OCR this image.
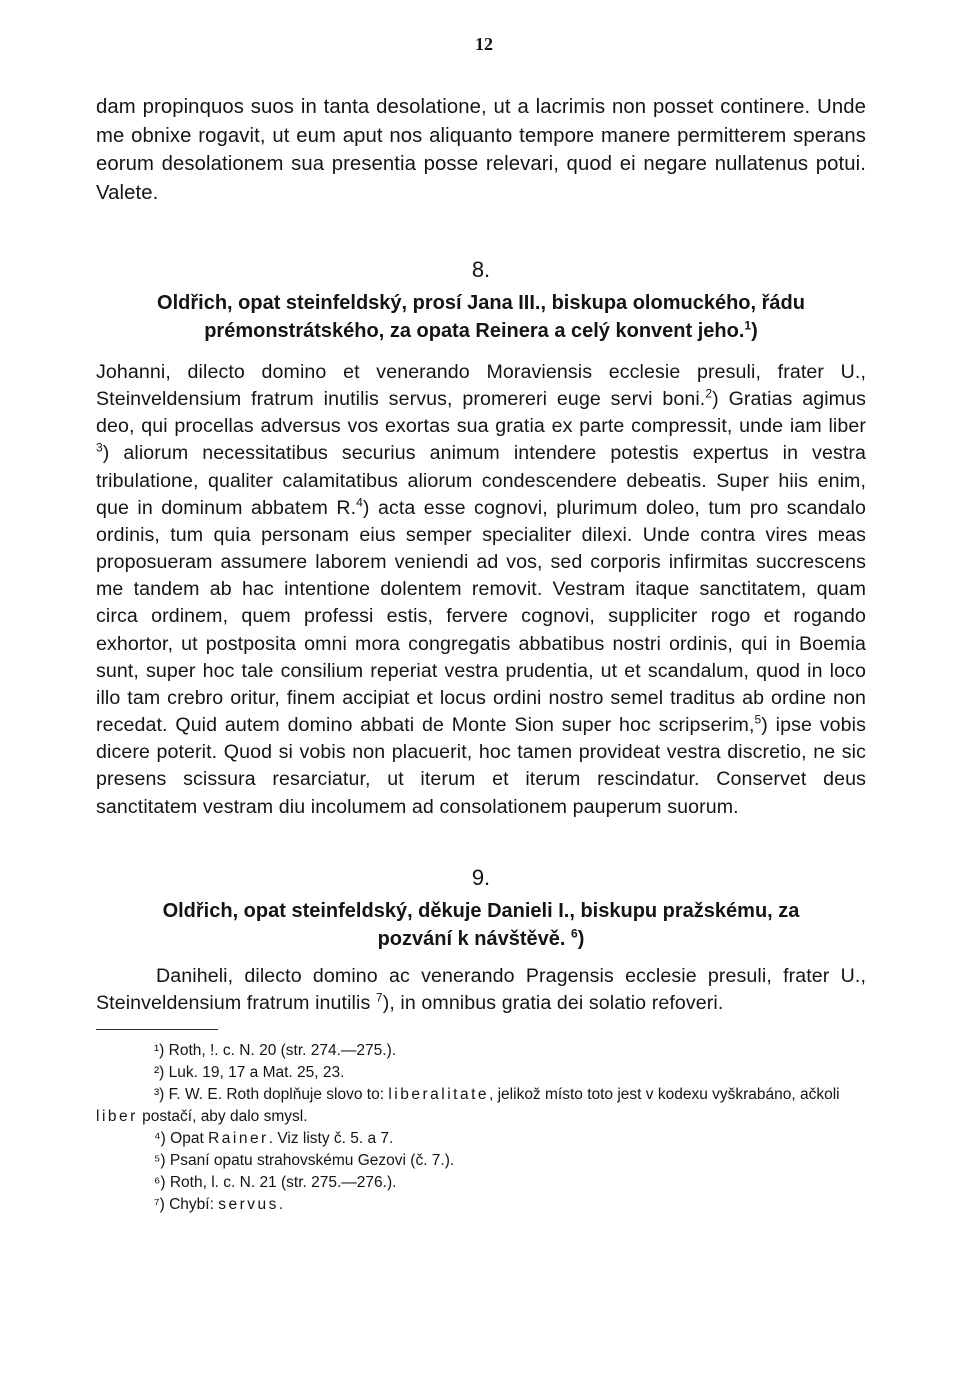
12

dam propinquos suos in tanta desolatione, ut a lacrimis non posset continere. Unde me obnixe rogavit, ut eum aput nos aliquanto tempore manere permitterem sperans eorum desolationem sua presentia posse relevari, quod ei negare nullatenus potui. Valete.

8.

Oldřich, opat steinfeldský, prosí Jana III., biskupa olomuckého, řádu
prémonstrátského, za opata Reinera a celý konvent jeho.$^1$)

Johanni, dilecto domino et venerando Moraviensis ecclesie presuli, frater U., Steinveldensium fratrum inutilis servus, promereri euge servi boni.$^2$) Gratias agimus deo, qui procellas adversus vos exortas sua gratia ex parte compressit, unde iam liber $^3$) aliorum necessitatibus securius animum intendere potestis expertus in vestra tribulatione, qualiter calamitatibus aliorum condescendere debeatis. Super hiis enim, que in dominum abbatem R.$^4$) acta esse cognovi, plurimum doleo, tum pro scandalo ordinis, tum quia personam eius semper specialiter dilexi. Unde contra vires meas proposueram assumere laborem veniendi ad vos, sed corporis infirmitas succrescens me tandem ab hac intentione dolentem removit. Vestram itaque sanctitatem, quam circa ordinem, quem professi estis, fervere cognovi, suppliciter rogo et rogando exhortor, ut postposita omni mora congregatis abbatibus nostri ordinis, qui in Boemia sunt, super hoc tale consilium reperiat vestra prudentia, ut et scandalum, quod in loco illo tam crebro oritur, finem accipiat et locus ordini nostro semel traditus ab ordine non recedat. Quid autem domino abbati de Monte Sion super hoc scripserim,$^5$) ipse vobis dicere poterit. Quod si vobis non placuerit, hoc tamen provideat vestra discretio, ne sic presens scissura resarciatur, ut iterum et iterum rescindatur. Conservet deus sanctitatem vestram diu incolumem ad consolationem pauperum suorum.

9.

Oldřich, opat steinfeldský, děkuje Danieli I., biskupu pražskému, za
pozvání k návštěvě. $^6$)

Daniheli, dilecto domino ac venerando Pragensis ecclesie presuli, frater U., Steinveldensium fratrum inutilis $^7$), in omnibus gratia dei solatio refoveri.

¹) Roth, !. c. N. 20 (str. 274.—275.).
²) Luk. 19, 17 a Mat. 25, 23.
³) F. W. E. Roth doplňuje slovo to: liberalitate, jelikož místo toto jest v kodexu vyškrabáno, ačkoli liber postačí, aby dalo smysl.
⁴) Opat Rainer. Viz listy č. 5. a 7.
⁵) Psaní opatu strahovskému Gezovi (č. 7.).
⁶) Roth, l. c. N. 21 (str. 275.—276.).
⁷) Chybí: servus.
